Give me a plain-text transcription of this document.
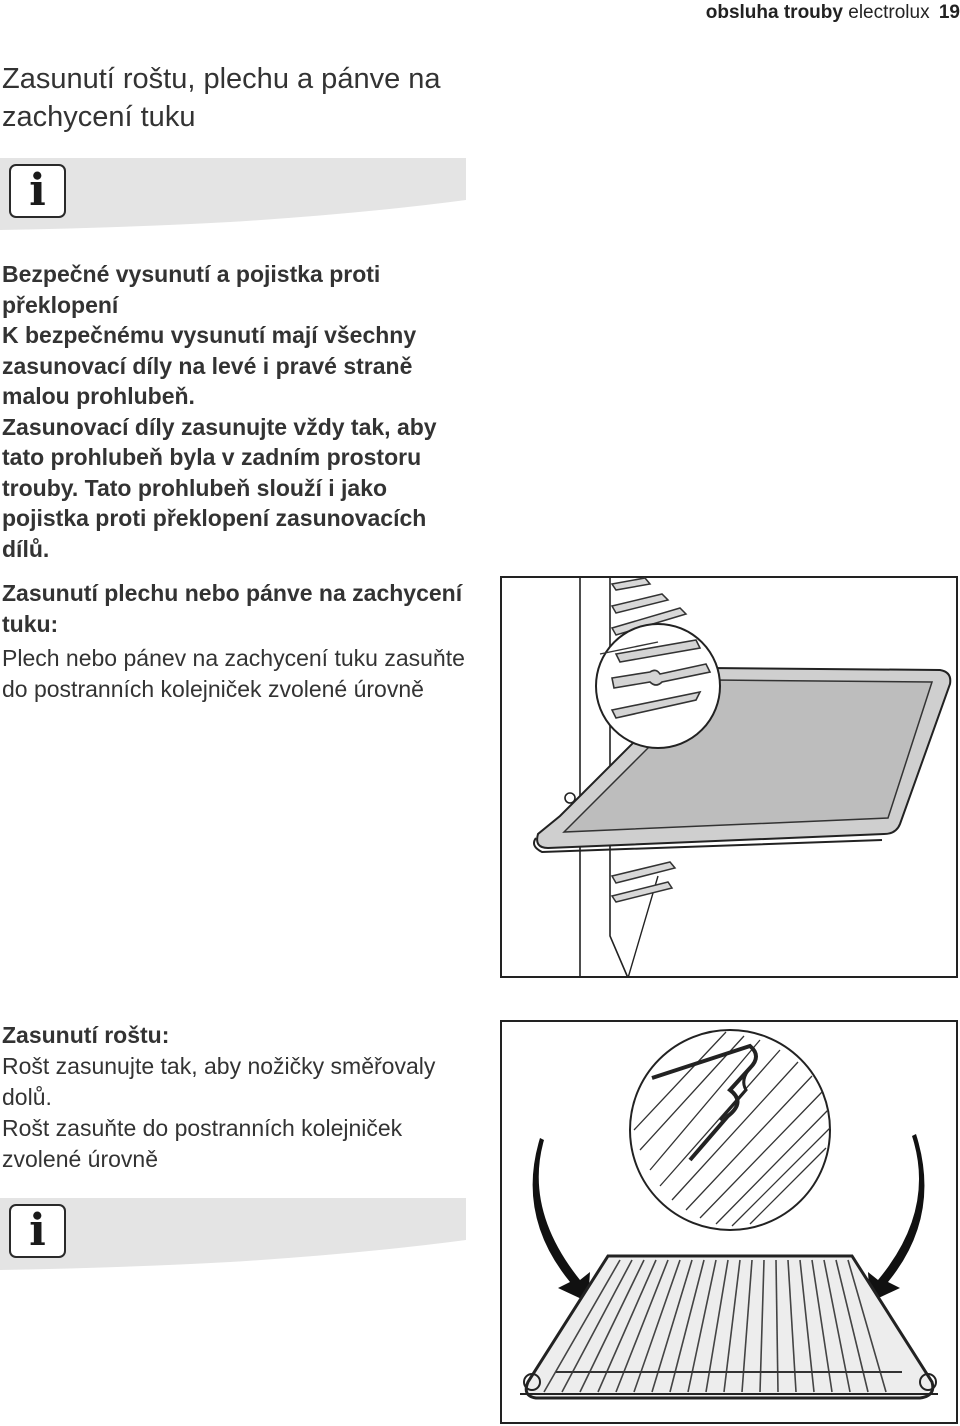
obsluha trouby electrolux 19
Zasunutí roštu, plechu a pánve na zachycení tuku
i

Bezpečné vysunutí a pojistka proti překlopení

K bezpečnému vysunutí mají všechny zasunovací díly na levé i pravé straně malou prohlubeň.

Zasunovací díly zasunujte vždy tak, aby tato prohlubeň byla v zadním prostoru trouby. Tato prohlubeň slouží i jako pojistka proti překlopení zasunovacích dílů.

Zasunutí plechu nebo pánve na zachycení tuku:

Plech nebo pánev na zachycení tuku zasuňte do postranních kolejniček zvolené úrovně

Zasunutí roštu:

Rošt zasunujte tak, aby nožičky směřovaly dolů.

Rošt zasuňte do postranních kolejniček zvolené úrovně

i
